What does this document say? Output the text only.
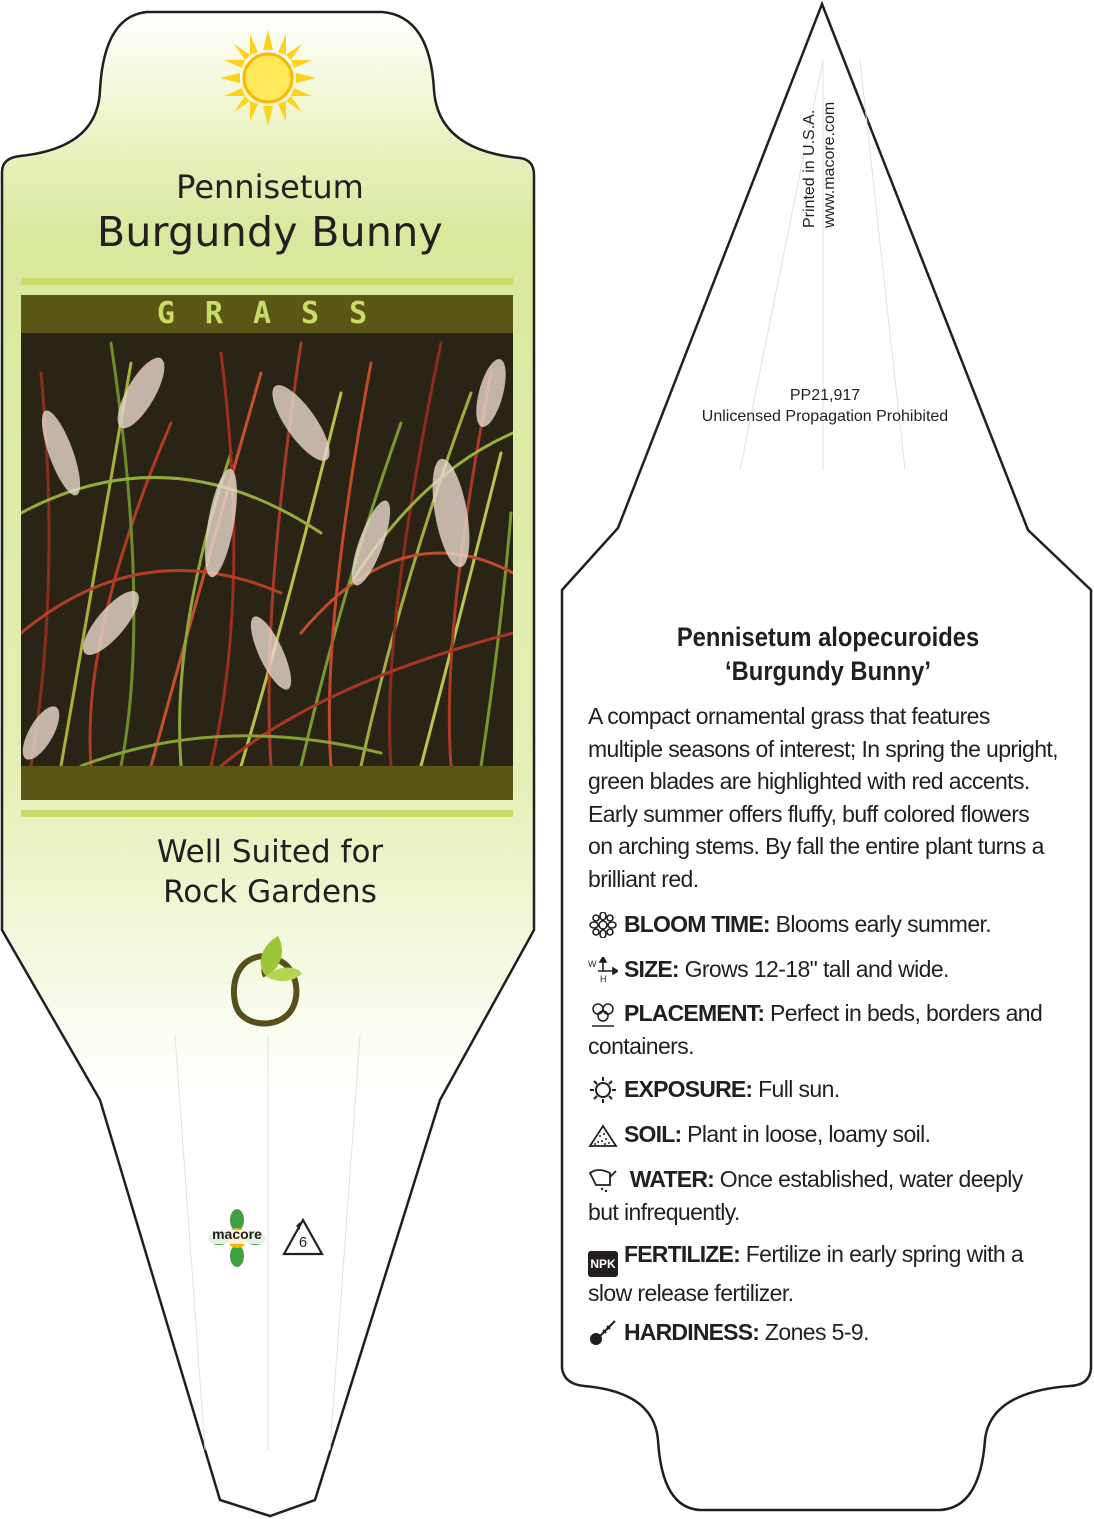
Pennisetum
Burgundy Bunny
GRASS
Well Suited for
Rock Gardens
macore	6
Printed in U.S.A. www.macore.com
PP21,917
Unlicensed Propagation Prohibited
Pennisetum alopecuroides
‘Burgundy Bunny’
A compact ornamental grass that features multiple seasons of interest; In spring the upright, green blades are highlighted with red accents. Early summer offers fluffy, buff colored flowers on arching stems. By fall the entire plant turns a brilliant red.
BLOOM TIME: Blooms early summer.
W
H SIZE: Grows 12-18" tall and wide.
PLACEMENT: Perfect in beds, borders and containers.
EXPOSURE: Full sun.
SOIL: Plant in loose, loamy soil.
WATER: Once established, water deeply but infrequently.
NPK FERTILIZE: Fertilize in early spring with a slow release fertilizer.
HARDINESS: Zones 5-9.
